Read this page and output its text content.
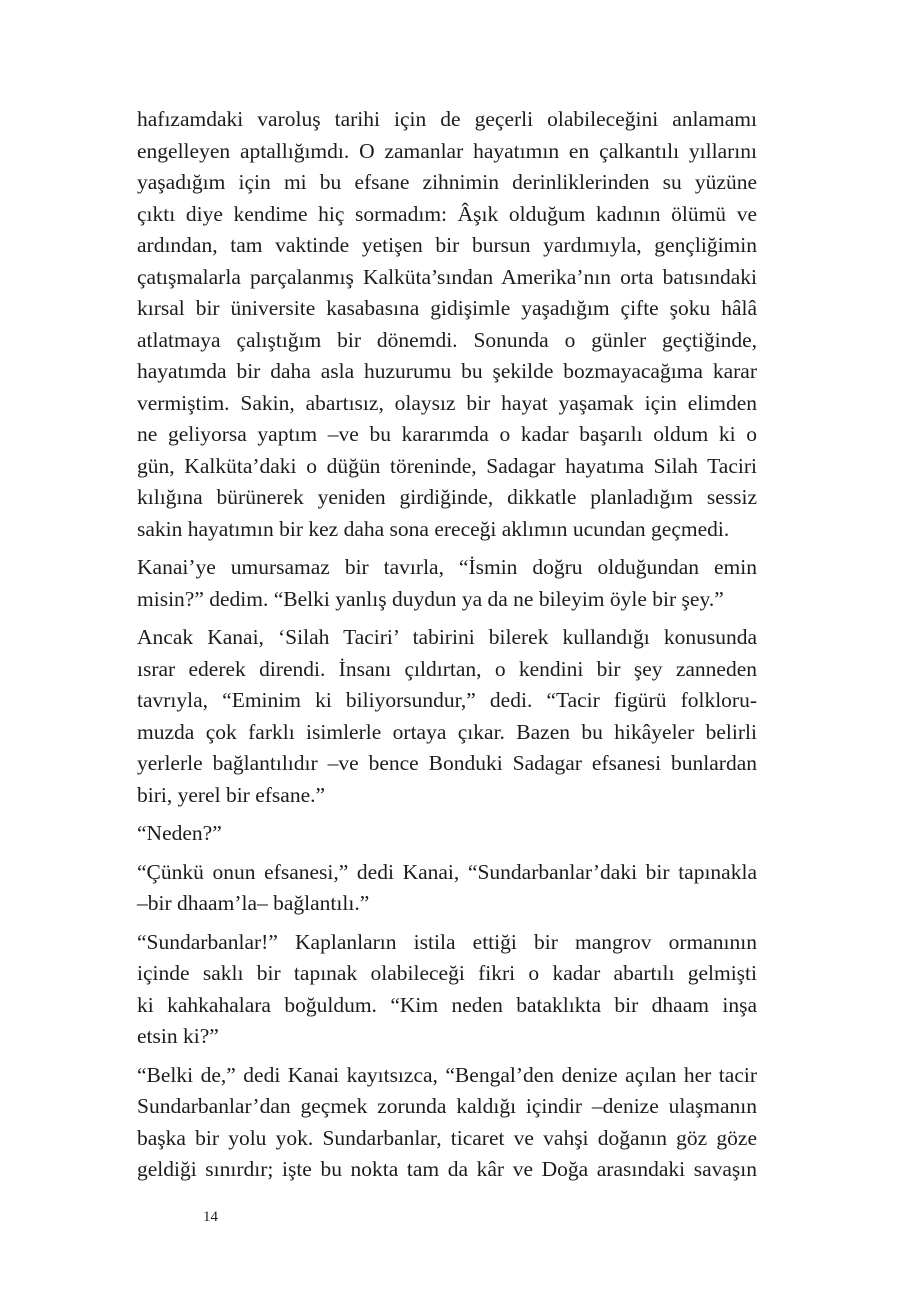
hafızamdaki varoluş tarihi için de geçerli olabileceğini anlamamı
engelleyen aptallığımdı. O zamanlar hayatımın en çalkantılı yıllarını
yaşadığım için mi bu efsane zihnimin derinliklerinden su yüzüne
çıktı diye kendime hiç sormadım: Âşık olduğum kadının ölümü ve
ardından, tam vaktinde yetişen bir bursun yardımıyla, gençliğimin
çatışmalarla parçalanmış Kalküta’sından Amerika’nın orta batısındaki
kırsal bir üniversite kasabasına gidişimle yaşadığım çifte şoku hâlâ
atlatmaya çalıştığım bir dönemdi. Sonunda o günler geçtiğinde,
hayatımda bir daha asla huzurumu bu şekilde bozmayacağıma karar
vermiştim. Sakin, abartısız, olaysız bir hayat yaşamak için elimden
ne geliyorsa yaptım –ve bu kararımda o kadar başarılı oldum ki o
gün, Kalküta’daki o düğün töreninde, Sadagar hayatıma Silah Taciri
kılığına bürünerek yeniden girdiğinde, dikkatle planladığım sessiz
sakin hayatımın bir kez daha sona ereceği aklımın ucundan geçmedi.

Kanai’ye umursamaz bir tavırla, “İsmin doğru olduğundan emin
misin?” dedim. “Belki yanlış duydun ya da ne bileyim öyle bir şey.”

Ancak Kanai, ‘Silah Taciri’ tabirini bilerek kullandığı konusunda
ısrar ederek direndi. İnsanı çıldırtan, o kendini bir şey zanneden
tavrıyla, “Eminim ki biliyorsundur,” dedi. “Tacir figürü folkloru-
muzda çok farklı isimlerle ortaya çıkar. Bazen bu hikâyeler belirli
yerlerle bağlantılıdır –ve bence Bonduki Sadagar efsanesi bunlardan
biri, yerel bir efsane.”

“Neden?”

“Çünkü onun efsanesi,” dedi Kanai, “Sundarbanlar’daki bir tapınakla
–bir dhaam’la– bağlantılı.”

“Sundarbanlar!” Kaplanların istila ettiği bir mangrov ormanının
içinde saklı bir tapınak olabileceği fikri o kadar abartılı gelmişti
ki kahkahalara boğuldum. “Kim neden bataklıkta bir dhaam inşa
etsin ki?”

“Belki de,” dedi Kanai kayıtsızca, “Bengal’den denize açılan her tacir
Sundarbanlar’dan geçmek zorunda kaldığı içindir –denize ulaşmanın
başka bir yolu yok. Sundarbanlar, ticaret ve vahşi doğanın göz göze
geldiği sınırdır; işte bu nokta tam da kâr ve Doğa arasındaki savaşın

14
